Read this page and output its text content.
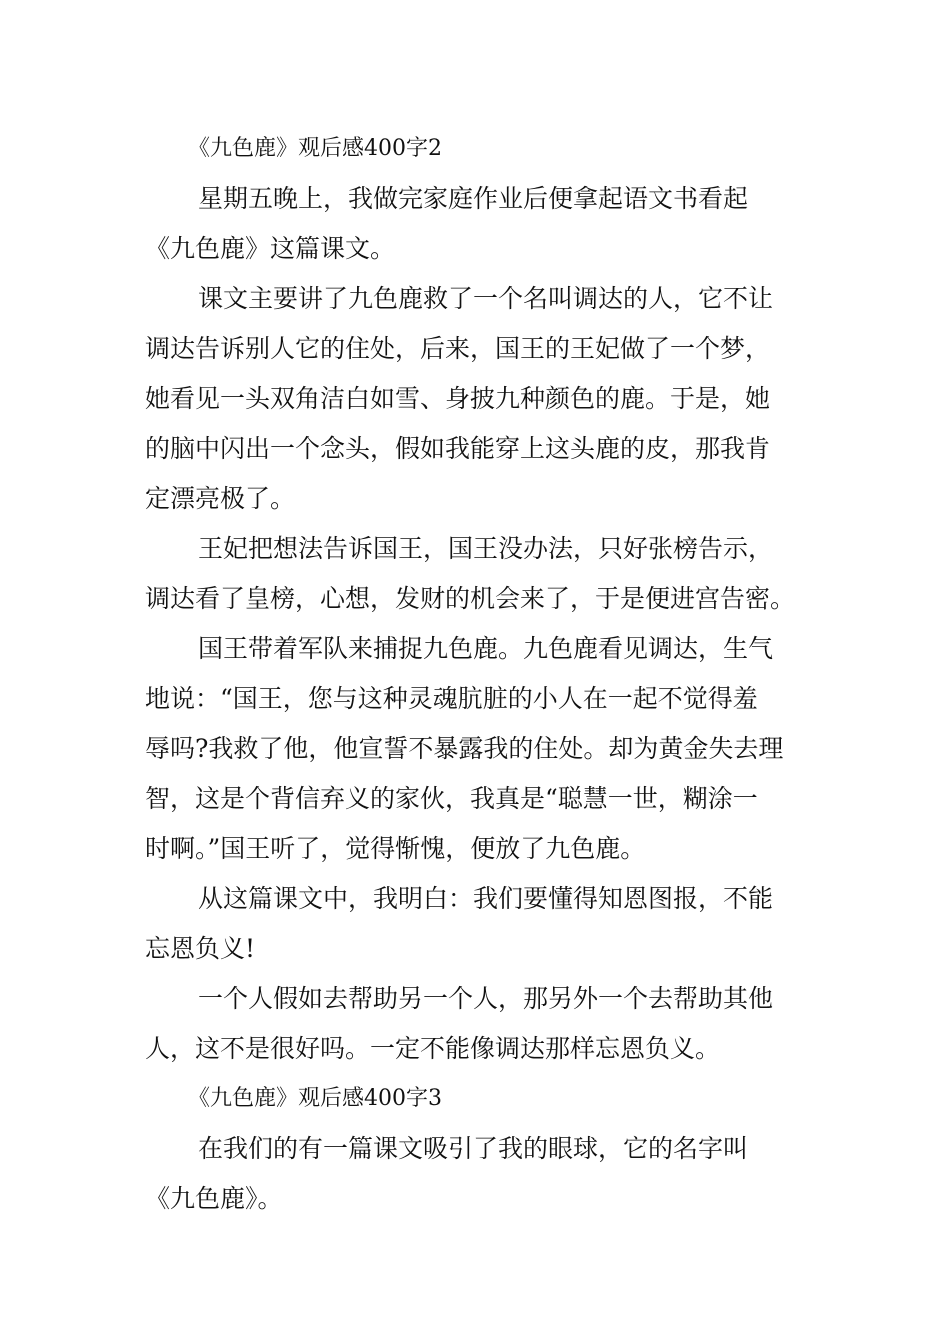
《九色鹿》观后感400字2
星期五晚上，我做完家庭作业后便拿起语文书看起
《九色鹿》这篇课文。
课文主要讲了九色鹿救了一个名叫调达的人，它不让
调达告诉别人它的住处，后来，国王的王妃做了一个梦，
她看见一头双角洁白如雪、身披九种颜色的鹿。于是，她
的脑中闪出一个念头，假如我能穿上这头鹿的皮，那我肯
定漂亮极了。
王妃把想法告诉国王，国王没办法，只好张榜告示，
调达看了皇榜，心想，发财的机会来了，于是便进宫告密。
国王带着军队来捕捉九色鹿。九色鹿看见调达，生气
地说：“国王，您与这种灵魂肮脏的小人在一起不觉得羞
辱吗?我救了他，他宣誓不暴露我的住处。却为黄金失去理
智，这是个背信弃义的家伙，我真是“聪慧一世，糊涂一
时啊。”国王听了，觉得惭愧，便放了九色鹿。
从这篇课文中，我明白：我们要懂得知恩图报，不能
忘恩负义!
一个人假如去帮助另一个人，那另外一个去帮助其他
人，这不是很好吗。一定不能像调达那样忘恩负义。
《九色鹿》观后感400字3
在我们的有一篇课文吸引了我的眼球，它的名字叫
《九色鹿》。
